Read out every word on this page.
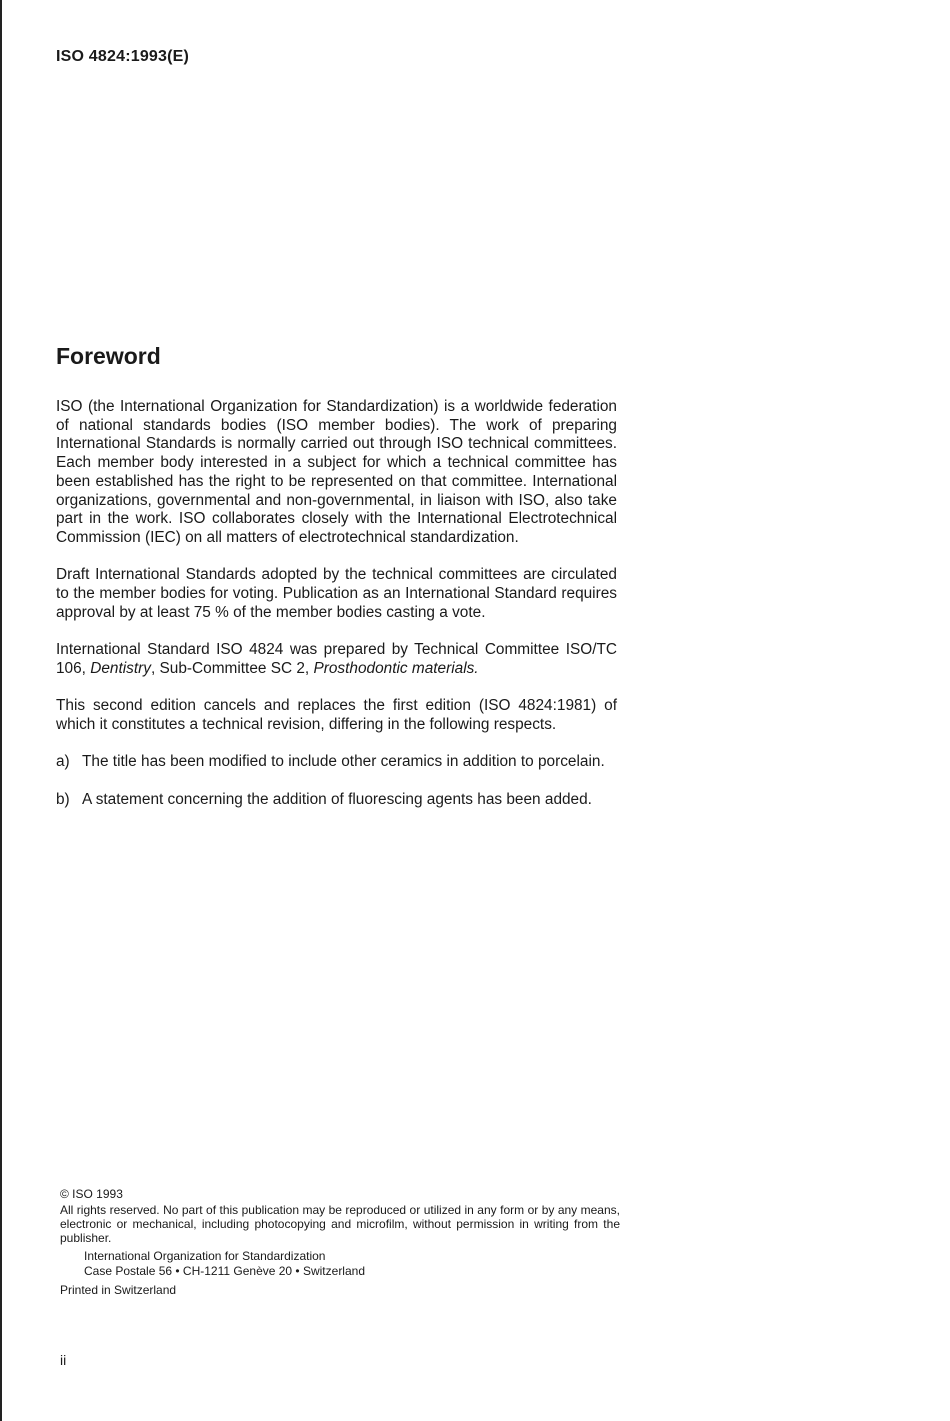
ISO 4824:1993(E)
Foreword

ISO (the International Organization for Standardization) is a worldwide federation of national standards bodies (ISO member bodies). The work of preparing International Standards is normally carried out through ISO technical committees. Each member body interested in a subject for which a technical committee has been established has the right to be represented on that committee. International organizations, governmental and non-governmental, in liaison with ISO, also take part in the work. ISO collaborates closely with the International Electrotechnical Commission (IEC) on all matters of electrotechnical standardization.

Draft International Standards adopted by the technical committees are circulated to the member bodies for voting. Publication as an International Standard requires approval by at least 75 % of the member bodies casting a vote.

International Standard ISO 4824 was prepared by Technical Committee ISO/TC 106, Dentistry, Sub-Committee SC 2, Prosthodontic materials.

This second edition cancels and replaces the first edition (ISO 4824:1981) of which it constitutes a technical revision, differing in the following respects.

a) The title has been modified to include other ceramics in addition to porcelain.
b) A statement concerning the addition of fluorescing agents has been added.

© ISO 1993

All rights reserved. No part of this publication may be reproduced or utilized in any form or by any means, electronic or mechanical, including photocopying and microfilm, without permission in writing from the publisher.

International Organization for Standardization

Case Postale 56 • CH-1211 Genève 20 • Switzerland

Printed in Switzerland

ii
